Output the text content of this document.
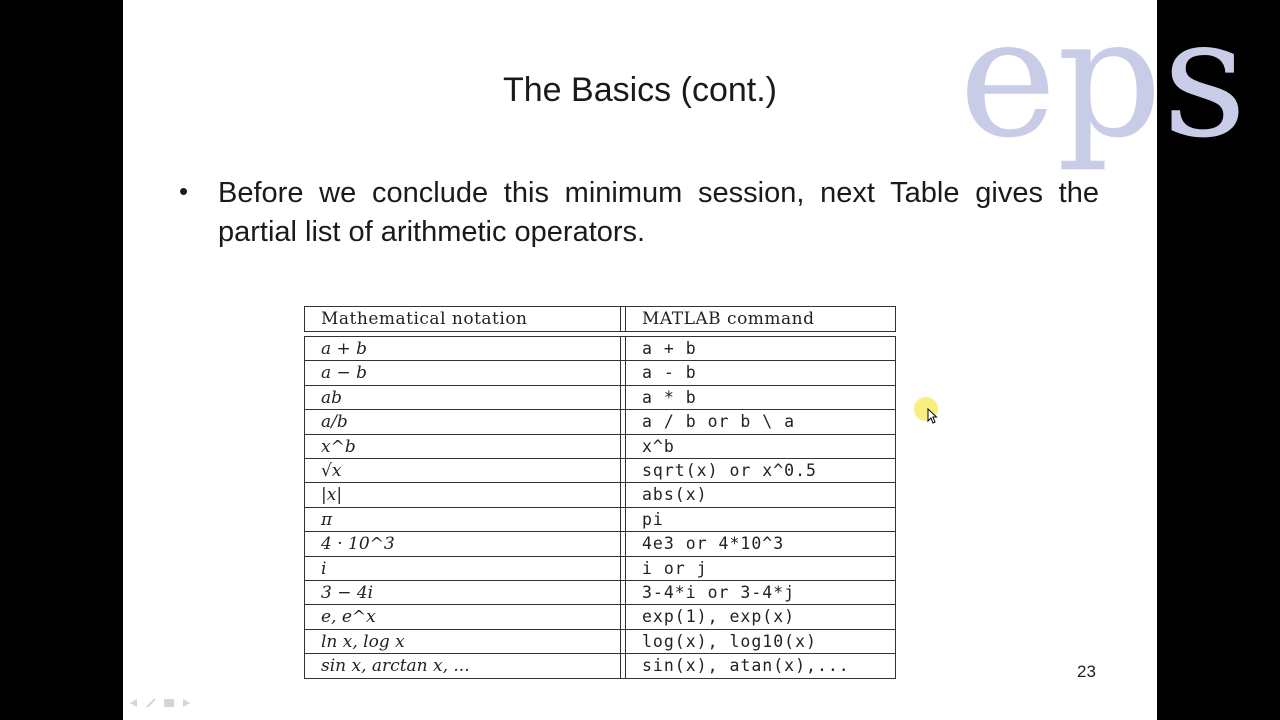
eps
The Basics (cont.)
• Before we conclude this minimum session, next Table gives the partial list of arithmetic operators.
Mathematical notation	MATLAB command
a + b	a + b
a − b	a - b
ab	a * b
a/b	a / b or b \ a
x^b	x^b
√x	sqrt(x) or x^0.5
|x|	abs(x)
π	pi
4 · 10^3	4e3 or 4*10^3
i	i or j
3 − 4i	3-4*i or 3-4*j
e, e^x	exp(1), exp(x)
ln x, log x	log(x), log10(x)
sin x, arctan x, ...	sin(x), atan(x),...	23
